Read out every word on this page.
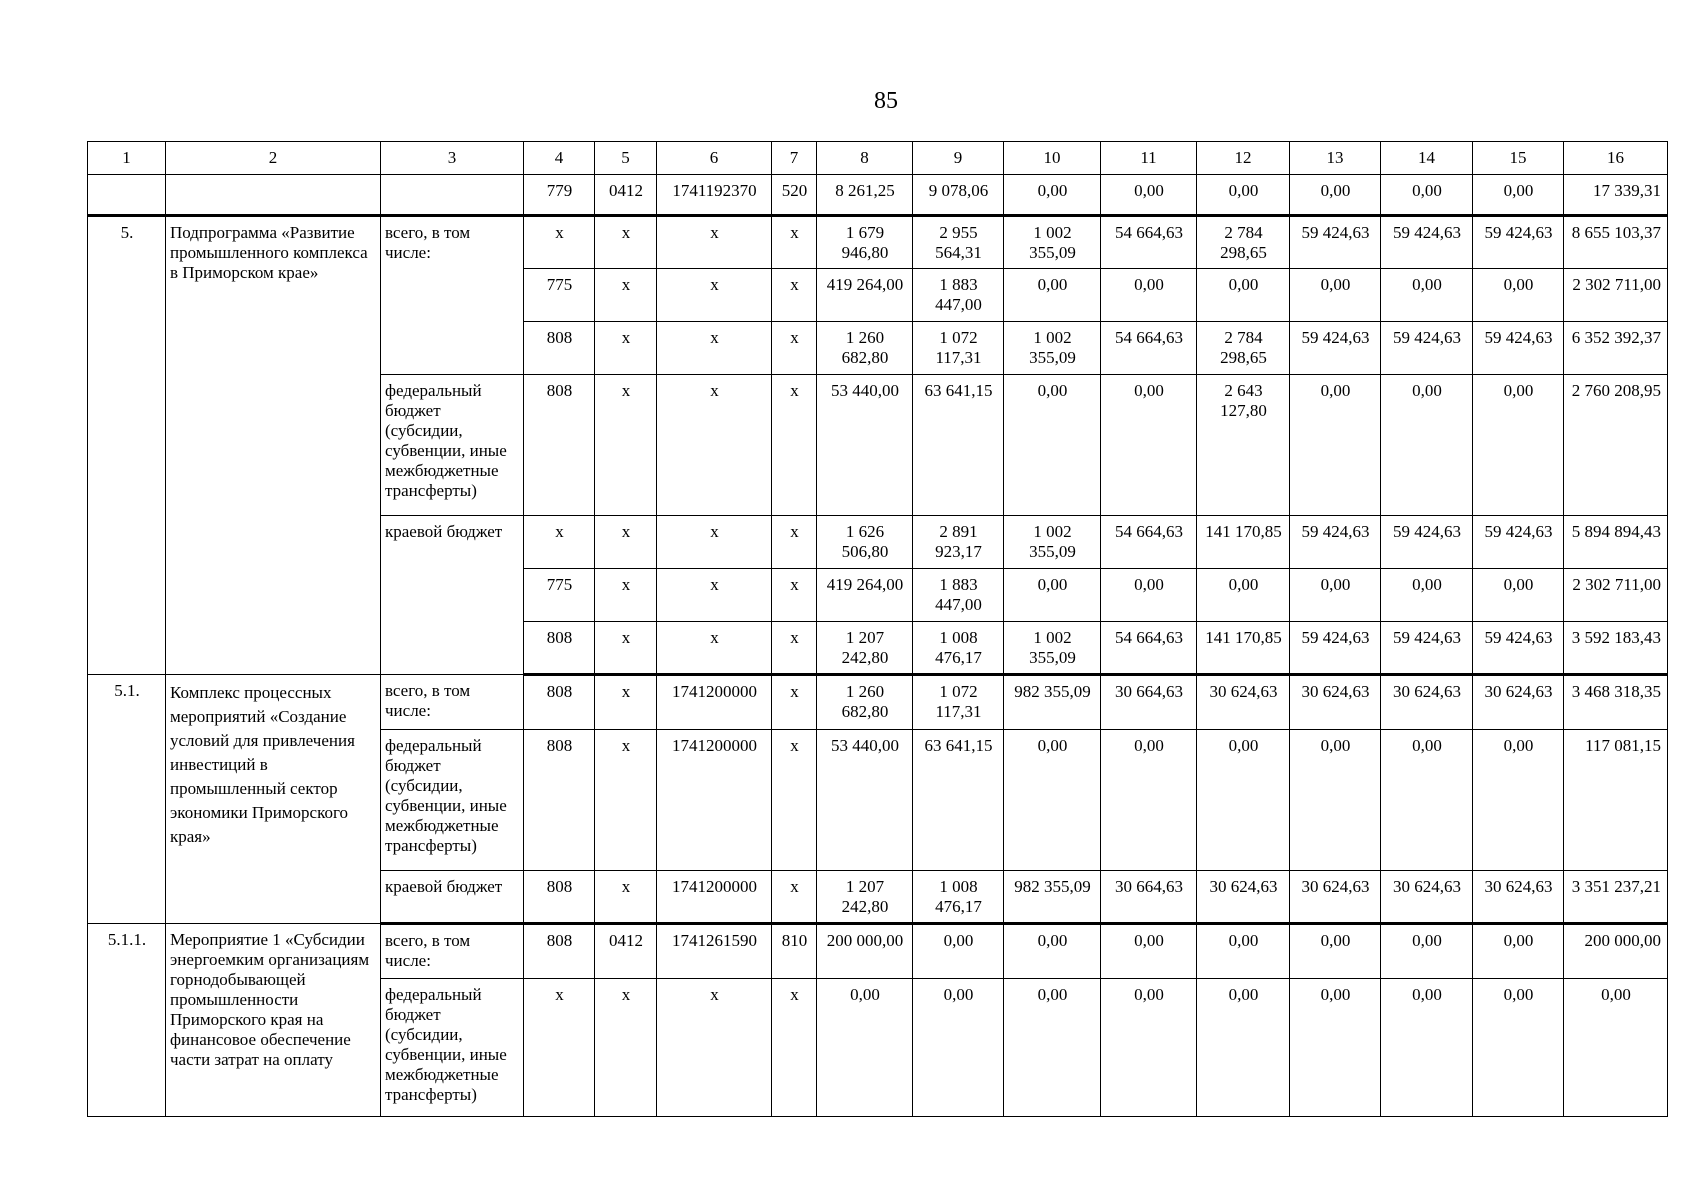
85
1	2	3	4	5	6	7	8	9	10	11	12	13	14	15	16
			779	0412	1741192370	520	8 261,25	9 078,06	0,00	0,00	0,00	0,00	0,00	0,00	17 339,31
5.	Подпрограмма «Развитие промышленного комплекса в Приморском крае»	всего, в том числе:	x	x	x	x	1 679 946,80	2 955 564,31	1 002 355,09	54 664,63	2 784 298,65	59 424,63	59 424,63	59 424,63	8 655 103,37
			775	x	x	x	419 264,00	1 883 447,00	0,00	0,00	0,00	0,00	0,00	0,00	2 302 711,00
			808	x	x	x	1 260 682,80	1 072 117,31	1 002 355,09	54 664,63	2 784 298,65	59 424,63	59 424,63	59 424,63	6 352 392,37
		федеральный бюджет (субсидии, субвенции, иные межбюджетные трансферты)	808	x	x	x	53 440,00	63 641,15	0,00	0,00	2 643 127,80	0,00	0,00	0,00	2 760 208,95
		краевой бюджет	x	x	x	x	1 626 506,80	2 891 923,17	1 002 355,09	54 664,63	141 170,85	59 424,63	59 424,63	59 424,63	5 894 894,43
			775	x	x	x	419 264,00	1 883 447,00	0,00	0,00	0,00	0,00	0,00	0,00	2 302 711,00
			808	x	x	x	1 207 242,80	1 008 476,17	1 002 355,09	54 664,63	141 170,85	59 424,63	59 424,63	59 424,63	3 592 183,43
5.1.	Комплекс процессных мероприятий «Создание условий для привлечения инвестиций в промышленный сектор экономики Приморского края»	всего, в том числе:	808	x	1741200000	x	1 260 682,80	1 072 117,31	982 355,09	30 664,63	30 624,63	30 624,63	30 624,63	30 624,63	3 468 318,35
		федеральный бюджет (субсидии, субвенции, иные межбюджетные трансферты)	808	x	1741200000	x	53 440,00	63 641,15	0,00	0,00	0,00	0,00	0,00	0,00	117 081,15
		краевой бюджет	808	x	1741200000	x	1 207 242,80	1 008 476,17	982 355,09	30 664,63	30 624,63	30 624,63	30 624,63	30 624,63	3 351 237,21
5.1.1.	Мероприятие 1 «Субсидии энергоемким организациям горнодобывающей промышленности Приморского края на финансовое обеспечение части затрат на оплату	всего, в том числе:	808	0412	1741261590	810	200 000,00	0,00	0,00	0,00	0,00	0,00	0,00	0,00	200 000,00
		федеральный бюджет (субсидии, субвенции, иные межбюджетные трансферты)	x	x	x	x	0,00	0,00	0,00	0,00	0,00	0,00	0,00	0,00	0,00
